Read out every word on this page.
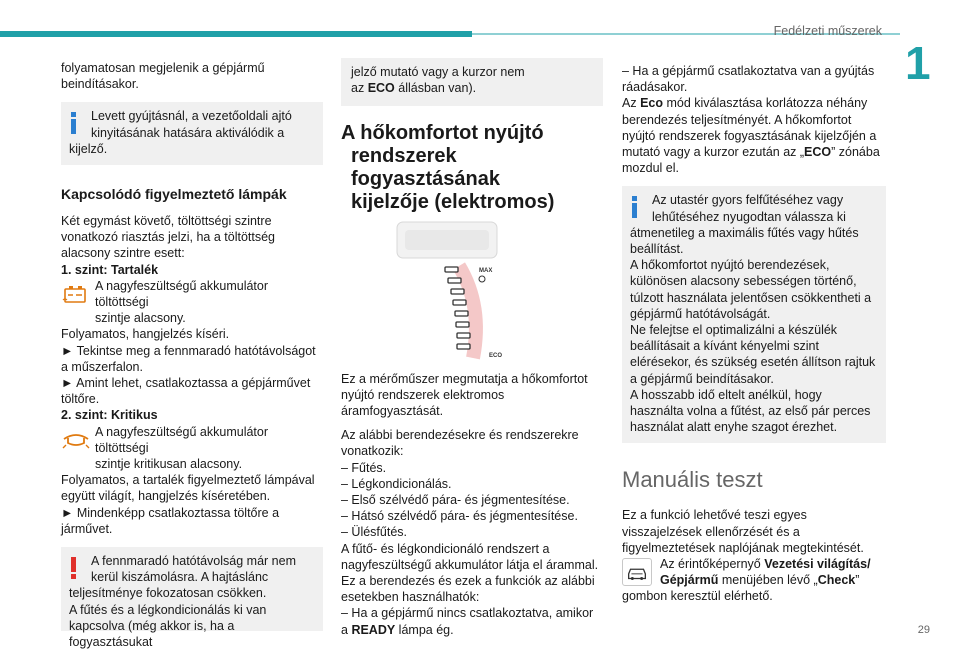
Fedélzeti műszerek
1

folyamatosan megjelenik a gépjármű beindításakor.

Levett gyújtásnál, a vezetőoldali ajtó

kinyitásának hatására aktiválódik a

kijelző.

Kapcsolódó figyelmeztető lámpák

Két egymást követő, töltöttségi szintre vonatkozó riasztás jelzi, ha a töltöttség alacsony szintre esett:

1. szint: Tartalék

A nagyfeszültségű akkumulátor töltöttségi

szintje alacsony.

Folyamatos, hangjelzés kíséri.

► Tekintse meg a fennmaradó hatótávolságot a műszerfalon.

► Amint lehet, csatlakoztassa a gépjárművet töltőre.

2. szint: Kritikus

A nagyfeszültségű akkumulátor töltöttségi

szintje kritikusan alacsony.

Folyamatos, a tartalék figyelmeztető lámpával együtt világít, hangjelzés kíséretében.

► Mindenképp csatlakoztassa töltőre a járművet.

A fennmaradó hatótávolság már nem

kerül kiszámolásra. A hajtáslánc

teljesítménye fokozatosan csökken.

A fűtés és a légkondicionálás ki van

kapcsolva (még akkor is, ha a fogyasztásukat

jelző mutató vagy a kurzor nem

az ECO állásban van).

A hőkomfortot nyújtó
rendszerek fogyasztásának
kijelzője (elektromos)
MAX
ECO

Ez a mérőműszer megmutatja a hőkomfortot nyújtó rendszerek elektromos áramfogyasztását.

Az alábbi berendezésekre és rendszerekre vonatkozik:

– Fűtés.

– Légkondicionálás.

– Első szélvédő pára- és jégmentesítése.

– Hátsó szélvédő pára- és jégmentesítése.

– Ülésfűtés.

A fűtő- és légkondicionáló rendszert a nagyfeszültségű akkumulátor látja el árammal. Ez a berendezés és ezek a funkciók az alábbi esetekben használhatók:

– Ha a gépjármű nincs csatlakoztatva, amikor a READY lámpa ég.

– Ha a gépjármű csatlakoztatva van a gyújtás ráadásakor.

Az Eco mód kiválasztása korlátozza néhány berendezés teljesítményét. A hőkomfortot nyújtó rendszerek fogyasztásának kijelzőjén a mutató vagy a kurzor ezután az „ECO” zónába mozdul el.

Az utastér gyors felfűtéséhez vagy

lehűtéséhez nyugodtan válassza ki

átmenetileg a maximális fűtés vagy hűtés beállítást.

A hőkomfortot nyújtó berendezések, különösen alacsony sebességen történő, túlzott használata jelentősen csökkentheti a gépjármű hatótávolságát.

Ne felejtse el optimalizálni a készülék beállításait a kívánt kényelmi szint elérésekor, és szükség esetén állítson rajtuk a gépjármű beindításakor.

A hosszabb idő eltelt anélkül, hogy használta volna a fűtést, az első pár perces használat alatt enyhe szagot érezhet.

Manuális teszt

Ez a funkció lehetővé teszi egyes visszajelzések ellenőrzését és a figyelmeztetések naplójának megtekintését.

Az érintőképernyő Vezetési világítás/

Gépjármű menüjében lévő „Check”

gombon keresztül elérhető.

29
